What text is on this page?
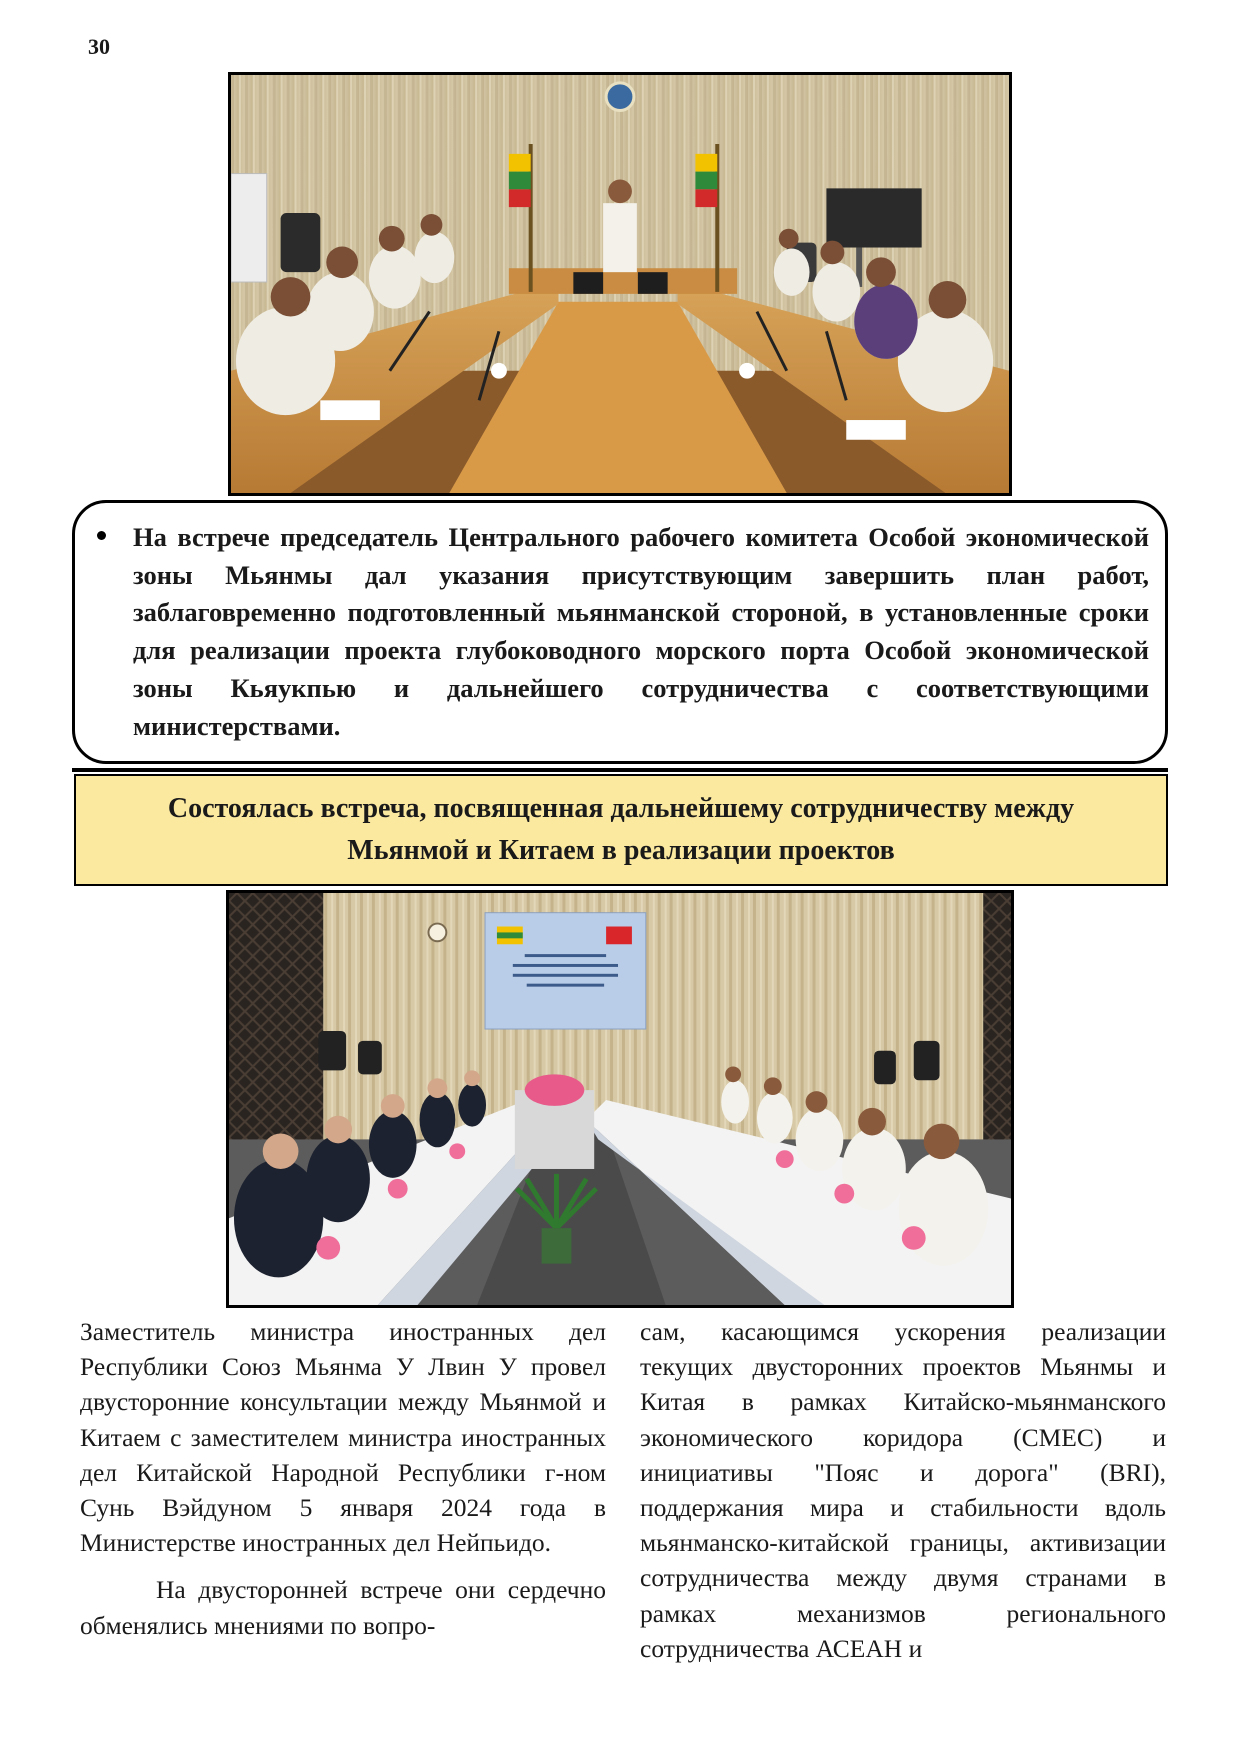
30

На встрече председатель Центрального рабочего комитета Особой экономической зоны Мьянмы дал указания присутствующим завершить план работ, заблаговременно подготовленный мьянманской стороной, в установленные сроки для реализации проекта глубоководного морского порта Особой экономической зоны Кьяукпью и дальнейшего сотрудничества с соответствующими министерствами.

Состоялась встреча, посвященная дальнейшему сотрудничеству между
Мьянмой и Китаем в реализации проектов

Заместитель министра иностранных дел Республики Союз Мьянма У Лвин У провел двусторонние консультации между Мьянмой и Китаем с заместителем министра иностранных дел Китайской Народной Республики г-ном Сунь Вэйдуном 5 января 2024 года в Министерстве иностранных дел Нейпьидо.

На двусторонней встрече они сердечно обменялись мнениями по вопро-

сам, касающимся ускорения реализации текущих двусторонних проектов Мьянмы и Китая в рамках Китайско-мьянманского экономического коридора (CMEC) и инициативы "Пояс и дорога" (BRI), поддержания мира и стабильности вдоль мьянманско-китайской границы, активизации сотрудничества между двумя странами в рамках механизмов регионального сотрудничества АСЕАН и
